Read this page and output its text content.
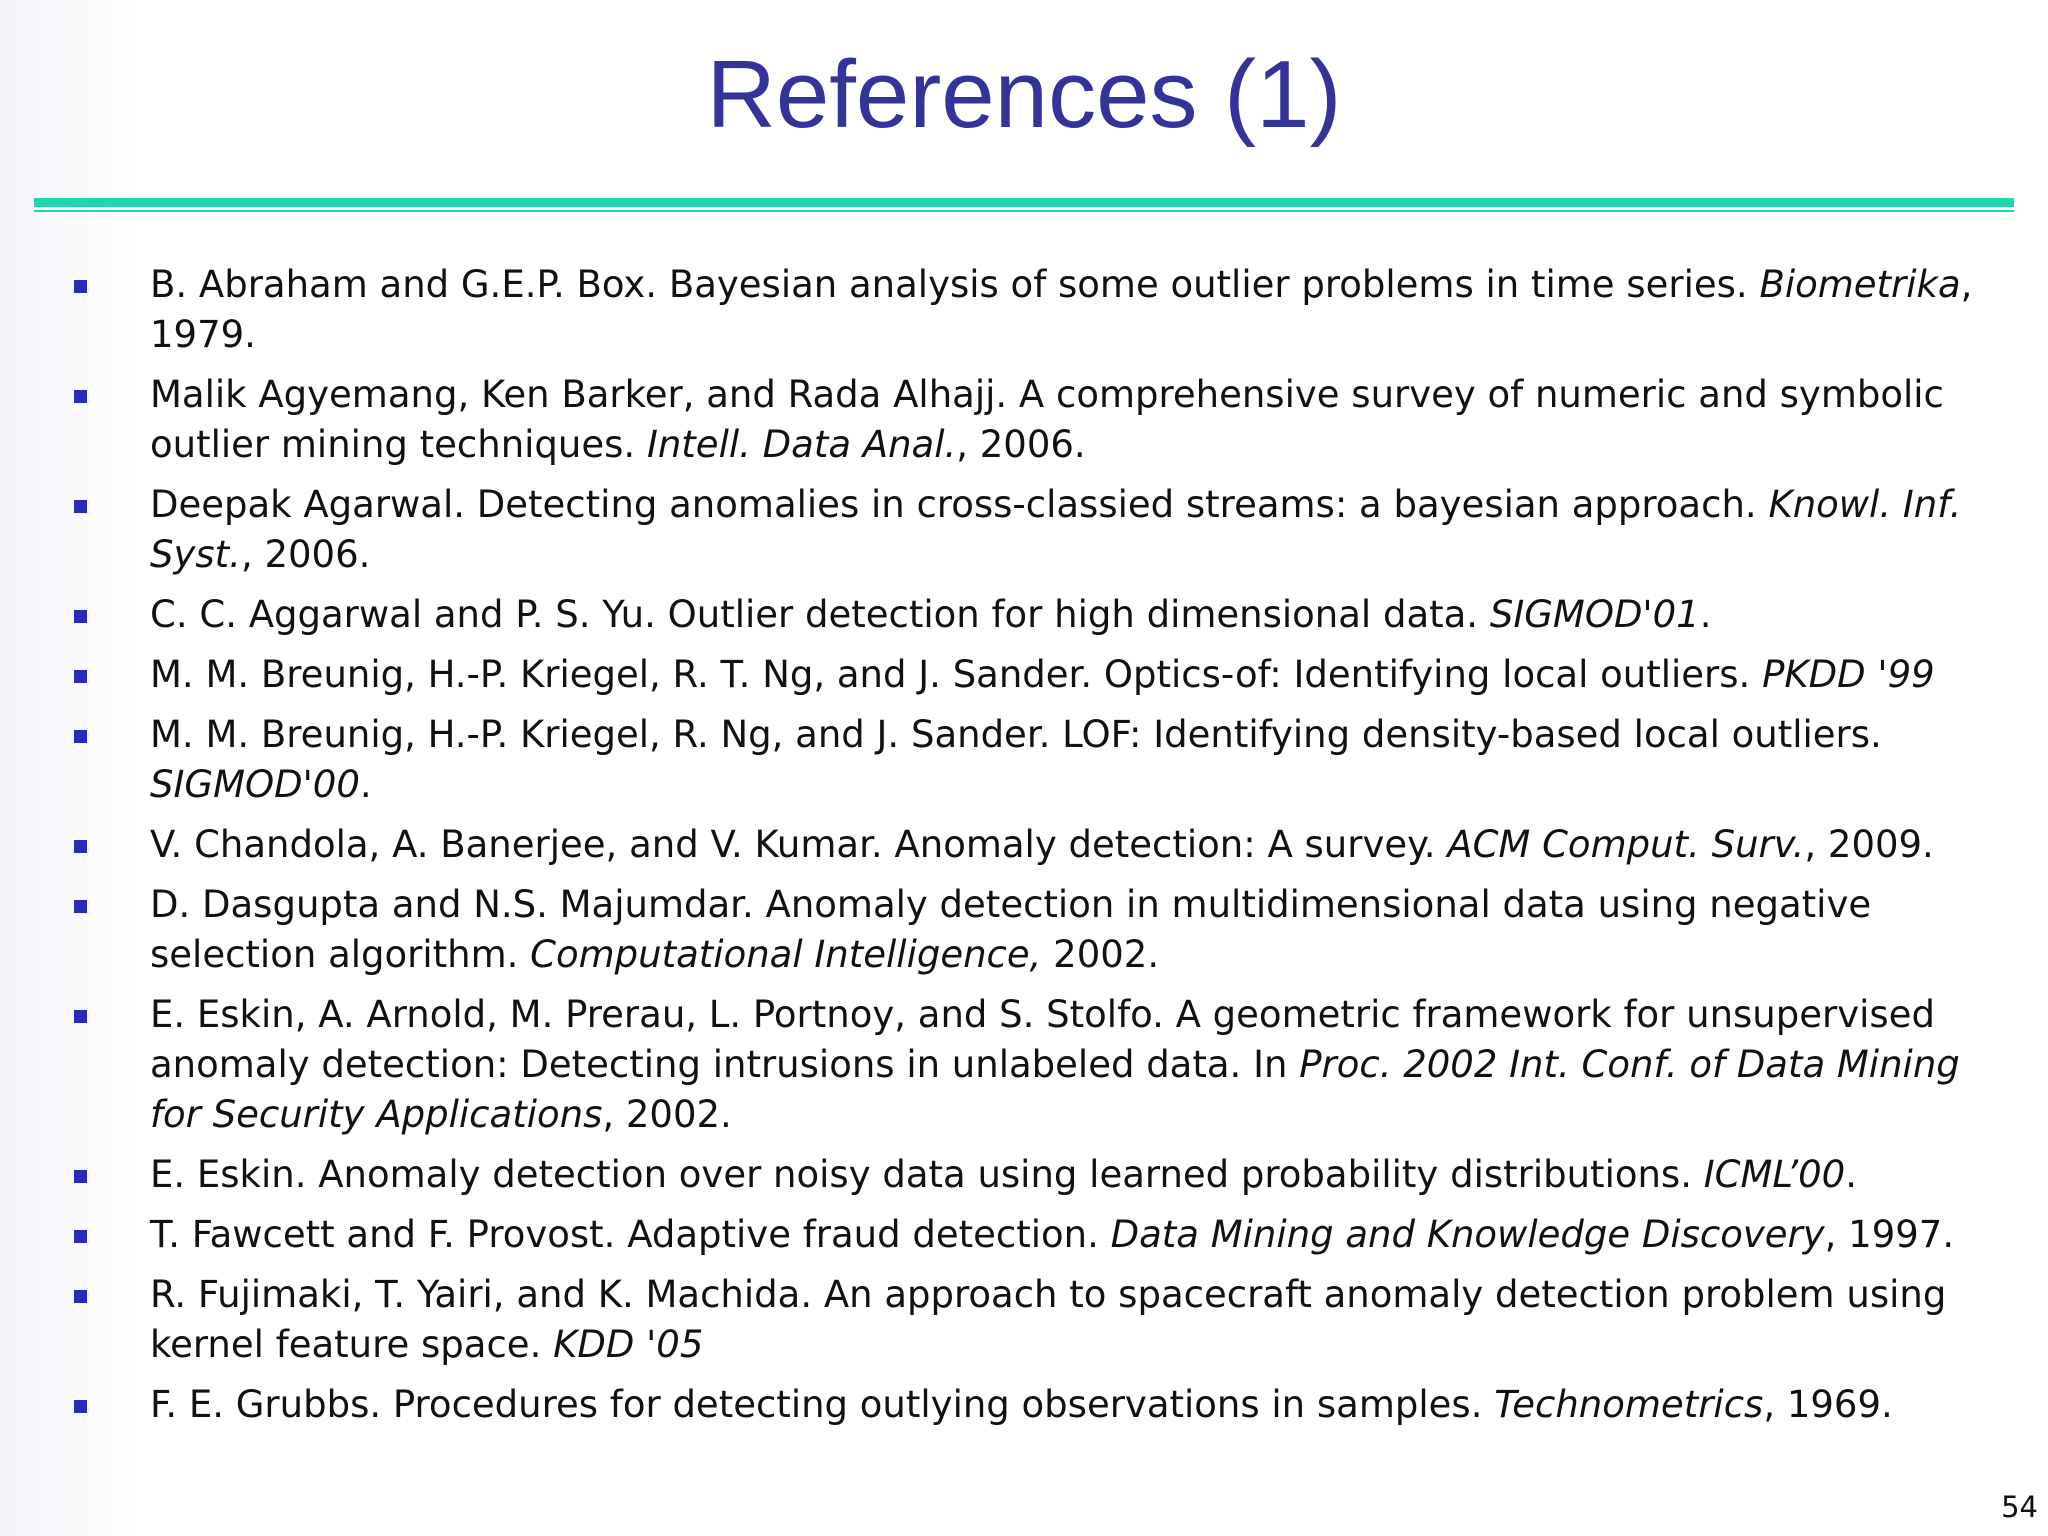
References (1)
B. Abraham and G.E.P. Box. Bayesian analysis of some outlier problems in time series. Biometrika, 1979.
Malik Agyemang, Ken Barker, and Rada Alhajj. A comprehensive survey of numeric and symbolic outlier mining techniques. Intell. Data Anal., 2006.
Deepak Agarwal. Detecting anomalies in cross-classied streams: a bayesian approach. Knowl. Inf. Syst., 2006.
C. C. Aggarwal and P. S. Yu. Outlier detection for high dimensional data. SIGMOD'01.
M. M. Breunig, H.-P. Kriegel, R. T. Ng, and J. Sander. Optics-of: Identifying local outliers. PKDD '99
M. M. Breunig, H.-P. Kriegel, R. Ng, and J. Sander. LOF: Identifying density-based local outliers. SIGMOD'00.
V. Chandola, A. Banerjee, and V. Kumar. Anomaly detection: A survey. ACM Comput. Surv., 2009.
D. Dasgupta and N.S. Majumdar. Anomaly detection in multidimensional data using negative selection algorithm. Computational Intelligence, 2002.
E. Eskin, A. Arnold, M. Prerau, L. Portnoy, and S. Stolfo. A geometric framework for unsupervised anomaly detection: Detecting intrusions in unlabeled data. In Proc. 2002 Int. Conf. of Data Mining for Security Applications, 2002.
E. Eskin. Anomaly detection over noisy data using learned probability distributions. ICML’00.
T. Fawcett and F. Provost. Adaptive fraud detection. Data Mining and Knowledge Discovery, 1997.
R. Fujimaki, T. Yairi, and K. Machida. An approach to spacecraft anomaly detection problem using kernel feature space. KDD '05
F. E. Grubbs. Procedures for detecting outlying observations in samples. Technometrics, 1969.
54
